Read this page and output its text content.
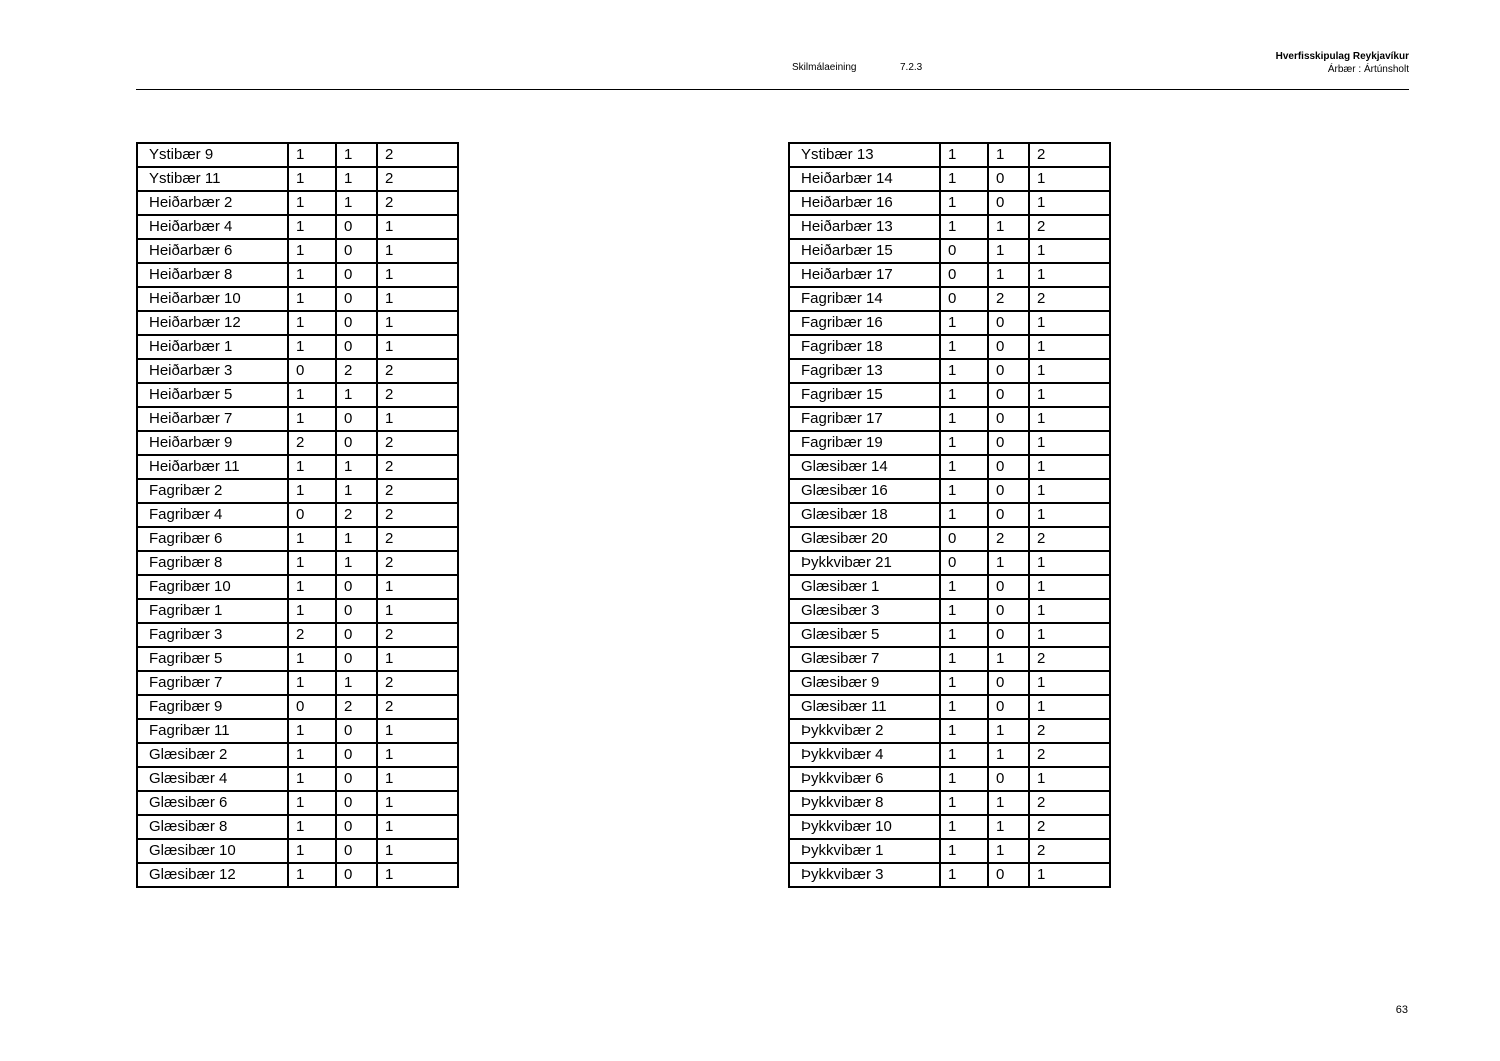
Skilmálaeining	7.2.3
Hverfisskipulag Reykjavíkur
Árbær : Ártúnsholt
Ystibær 9	1	1	2
Ystibær 11	1	1	2
Heiðarbær 2	1	1	2
Heiðarbær 4	1	0	1
Heiðarbær 6	1	0	1
Heiðarbær 8	1	0	1
Heiðarbær 10	1	0	1
Heiðarbær 12	1	0	1
Heiðarbær 1	1	0	1
Heiðarbær 3	0	2	2
Heiðarbær 5	1	1	2
Heiðarbær 7	1	0	1
Heiðarbær 9	2	0	2
Heiðarbær 11	1	1	2
Fagribær 2	1	1	2
Fagribær 4	0	2	2
Fagribær 6	1	1	2
Fagribær 8	1	1	2
Fagribær 10	1	0	1
Fagribær 1	1	0	1
Fagribær 3	2	0	2
Fagribær 5	1	0	1
Fagribær 7	1	1	2
Fagribær 9	0	2	2
Fagribær 11	1	0	1
Glæsibær 2	1	0	1
Glæsibær 4	1	0	1
Glæsibær 6	1	0	1
Glæsibær 8	1	0	1
Glæsibær 10	1	0	1
Glæsibær 12	1	0	1
Ystibær 13	1	1	2
Heiðarbær 14	1	0	1
Heiðarbær 16	1	0	1
Heiðarbær 13	1	1	2
Heiðarbær 15	0	1	1
Heiðarbær 17	0	1	1
Fagribær 14	0	2	2
Fagribær 16	1	0	1
Fagribær 18	1	0	1
Fagribær 13	1	0	1
Fagribær 15	1	0	1
Fagribær 17	1	0	1
Fagribær 19	1	0	1
Glæsibær 14	1	0	1
Glæsibær 16	1	0	1
Glæsibær 18	1	0	1
Glæsibær 20	0	2	2
Þykkvibær 21	0	1	1
Glæsibær 1	1	0	1
Glæsibær 3	1	0	1
Glæsibær 5	1	0	1
Glæsibær 7	1	1	2
Glæsibær 9	1	0	1
Glæsibær 11	1	0	1
Þykkvibær 2	1	1	2
Þykkvibær 4	1	1	2
Þykkvibær 6	1	0	1
Þykkvibær 8	1	1	2
Þykkvibær 10	1	1	2
Þykkvibær 1	1	1	2
Þykkvibær 3	1	0	1
63
